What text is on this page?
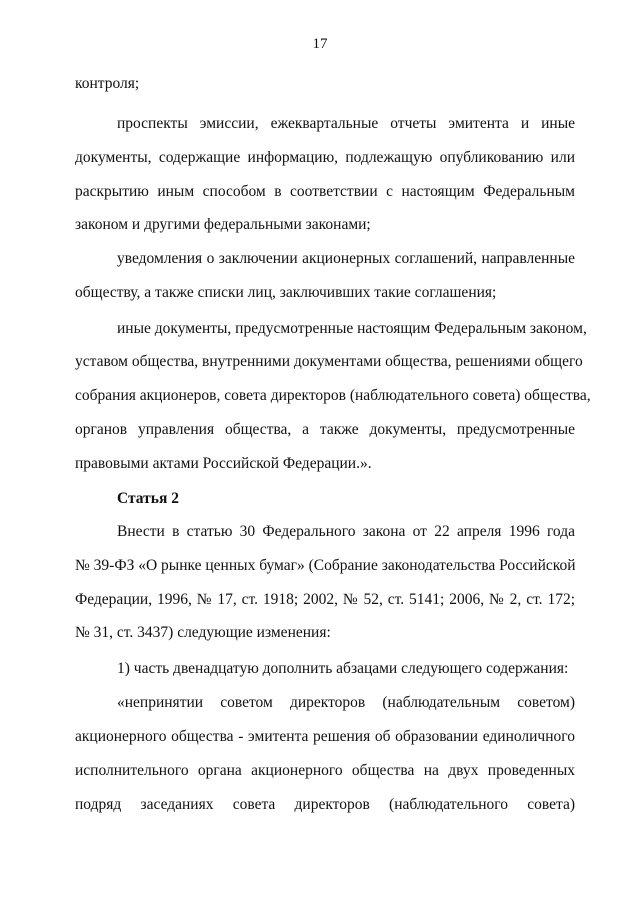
17
контроля;
проспекты эмиссии, ежеквартальные отчеты эмитента и иные
документы, содержащие информацию, подлежащую опубликованию или
раскрытию иным способом в соответствии с настоящим Федеральным
законом и другими федеральными законами;
уведомления о заключении акционерных соглашений, направленные
обществу, а также списки лиц, заключивших такие соглашения;
иные документы, предусмотренные настоящим Федеральным законом,
уставом общества, внутренними документами общества, решениями общего
собрания акционеров, совета директоров (наблюдательного совета) общества,
органов управления общества, а также документы, предусмотренные
правовыми актами Российской Федерации.».
Статья 2
Внести в статью 30 Федерального закона от 22 апреля 1996 года
№ 39-ФЗ «О рынке ценных бумаг» (Собрание законодательства Российской
Федерации, 1996, № 17, ст. 1918; 2002, № 52, ст. 5141; 2006, № 2, ст. 172;
№ 31, ст. 3437) следующие изменения:
1) часть двенадцатую дополнить абзацами следующего содержания:
«непринятии советом директоров (наблюдательным советом)
акционерного общества - эмитента решения об образовании единоличного
исполнительного органа акционерного общества на двух проведенных
подряд заседаниях совета директоров (наблюдательного совета)
